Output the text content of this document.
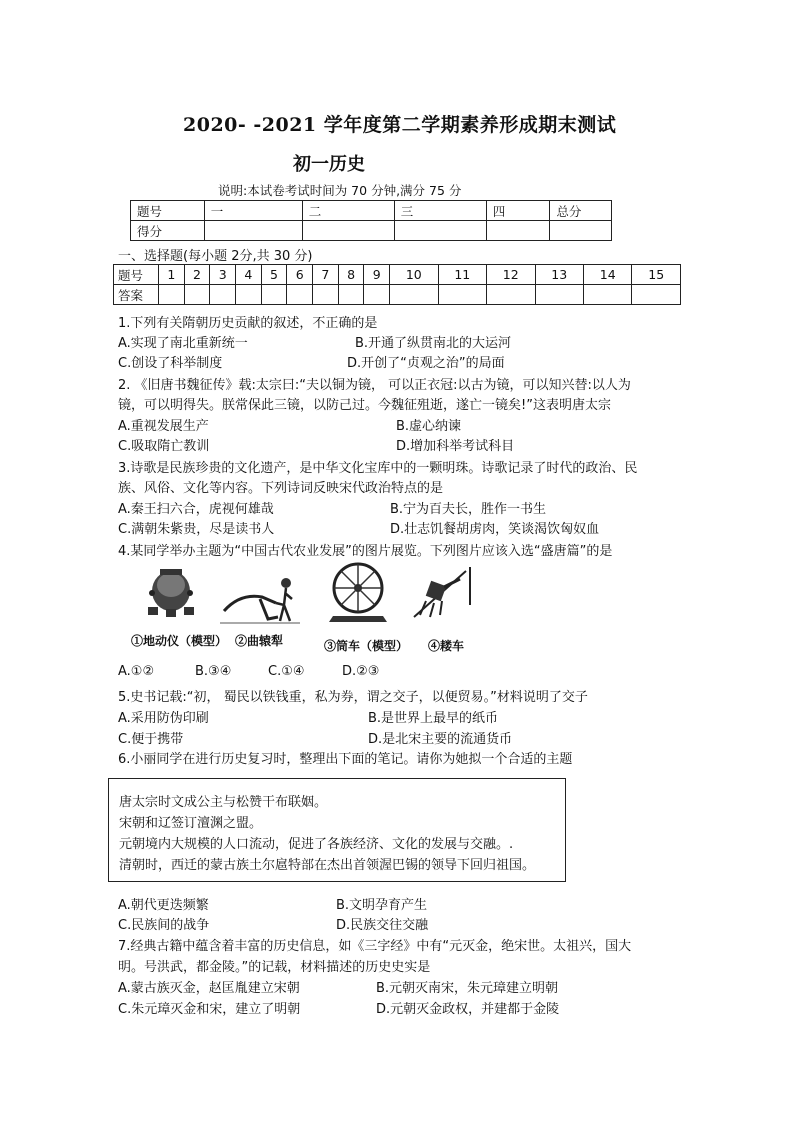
2020- -2021 学年度第二学期素养形成期末测试
初一历史
说明:本试卷考试时间为 70 分钟,满分 75 分
题号	一	二	三	四	总分
得分					
一、选择题(每小题 2分,共 30 分)
题号	1	2	3	4	5	6	7	8	9	10	11	12	13	14	15
答案															
1.下列有关隋朝历史贡献的叙述，不正确的是
A.实现了南北重新统一	B.开通了纵贯南北的大运河
C.创设了科举制度	D.开创了“贞观之治”的局面
2. 《旧唐书魏征传》载:太宗曰:“夫以铜为镜， 可以正衣冠:以古为镜，可以知兴替:以人为
镜，可以明得失。朕常保此三镜，以防己过。今魏征殂逝，遂亡一镜矣!”这表明唐太宗
A.重视发展生产	B.虚心纳谏
C.吸取隋亡教训	D.增加科举考试科目
3.诗歌是民族珍贵的文化遗产，是中华文化宝库中的一颗明珠。诗歌记录了时代的政治、民
族、风俗、文化等内容。下列诗词反映宋代政治特点的是
A.秦王扫六合，虎视何雄哉	B.宁为百夫长，胜作一书生
C.满朝朱紫贵，尽是读书人	D.壮志饥餐胡虏肉，笑谈渴饮匈奴血
4.某同学举办主题为“中国古代农业发展”的图片展览。下列图片应该入选“盛唐篇”的是
①地动仪（模型） ②曲辕犁	③筒车（模型） ④耧车
A.①②	B.③④	C.①④	D.②③
5.史书记载:“初， 蜀民以铁钱重，私为券，谓之交子，以便贸易。”材料说明了交子
A.采用防伪印刷	B.是世界上最早的纸币
C.便于携带	D.是北宋主要的流通货币
6.小丽同学在进行历史复习时，整理出下面的笔记。请你为她拟一个合适的主题
唐太宗时文成公主与松赞干布联姻。
宋朝和辽签订澶渊之盟。
元朝境内大规模的人口流动，促进了各族经济、文化的发展与交融。.
清朝时，西迁的蒙古族土尔扈特部在杰出首领渥巴锡的领导下回归祖国。
A.朝代更迭频繁	B.文明孕育产生
C.民族间的战争	D.民族交往交融
7.经典古籍中蕴含着丰富的历史信息，如《三字经》中有“元灭金，绝宋世。太祖兴，国大
明。号洪武，都金陵。”的记载，材料描述的历史史实是
A.蒙古族灭金，赵匡胤建立宋朝	B.元朝灭南宋，朱元璋建立明朝
C.朱元璋灭金和宋，建立了明朝	D.元朝灭金政权，并建都于金陵
